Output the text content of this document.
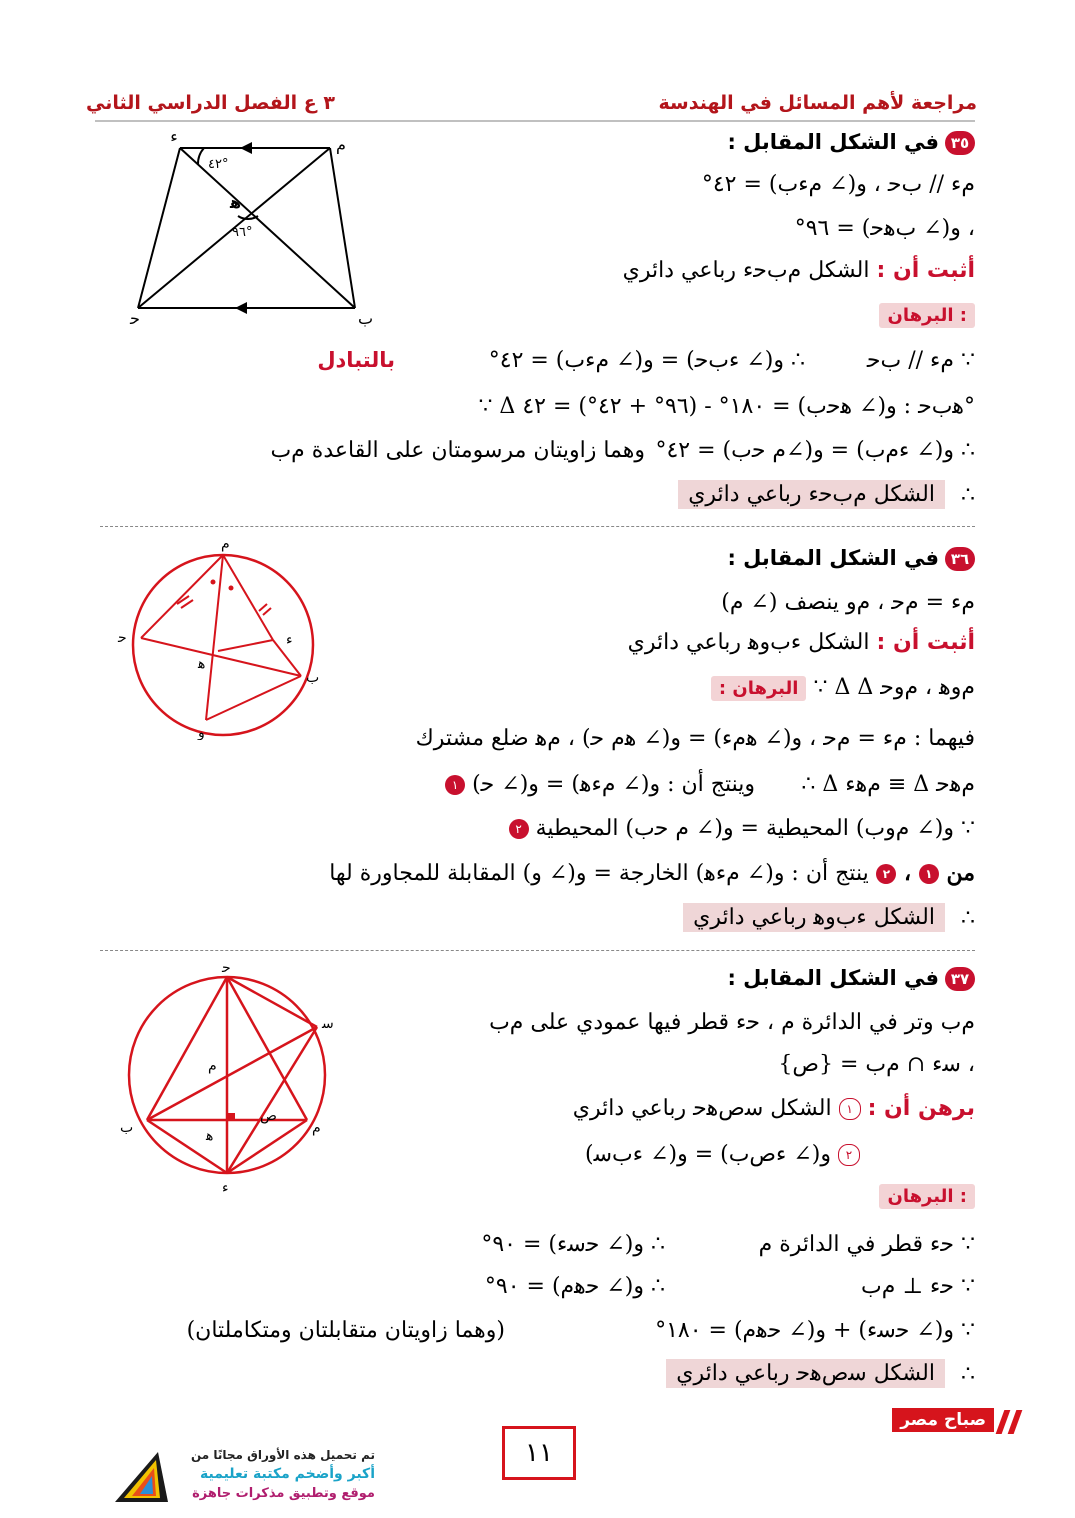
مراجعة لأهم المسائل في الهندسة
٣ ع الفصل الدراسي الثاني
ﺀ	ﻡ
ﺣ	ﺏ
ﻫ
٤٢°
٩٦°
٣٥في الشكل المقابل :
ﻡﺀ // ﺏﺣ ، ﻭ(∠ ﻡﺀﺏ) = ٤٢°
، ﻭ(∠ ﺏﻫﺣ) = ٩٦°
أثبت أن : الشكل ﻡﺏﺣﺀ رباعي دائري
البرهان :
∵ ﻡﺀ // ﺏﺣ
∴ ﻭ(∠ ﺀﺏﺣ) = ﻭ(∠ ﻡﺀﺏ) = ٤٢°
بالتبادل
∵ Δ ﻫﺏﺣ : ﻭ(∠ ﻫﺣﺏ) = ١٨٠° - (٩٦° + ٤٢°) = ٤٢°
∴ ﻭ(∠ ﺀﻡﺏ) = ﻭ(∠ﻡ ﺣﺏ) = ٤٢°
وهما زاويتان مرسومتان على القاعدة ﻡﺏ
∴
الشكل ﻡﺏﺣﺀ رباعي دائري
ﻡ
ﺣ	ﺀ
ﺏ
ﻫ
ﻭ
٣٦في الشكل المقابل :
ﻡﺀ = ﻡﺣ ، ﻡﻭ ينصف (∠ ﻡ)
أثبت أن : الشكل ﺀﺏﻭﻫ رباعي دائري
البرهان : ∵ Δ Δ ﻡﻭﻫ ، ﻡﻭﺣ
فيهما : ﻡﺀ = ﻡﺣ ، ﻭ(∠ ﻫﻡﺀ) = ﻭ(∠ ﻫﻡ ﺣ) ، ﻡﻫ ضلع مشترك
∴ Δ ﻡﻫﺀ ≡ Δ ﻡﻫﺣ
وينتج أن : ﻭ(∠ ﻡﺀﻫ) = ﻭ(∠ ﺣ) ١
∵ ﻭ(∠ ﻡﻭﺏ) المحيطية = ﻭ(∠ ﻡ ﺣﺏ) المحيطية ٢
من ١ ، ٢ ينتج أن : ﻭ(∠ ﻡﺀﻫ) الخارجة = ﻭ(∠ ﻭ) المقابلة للمجاورة لها
∴
الشكل ﺀﺏﻭﻫ رباعي دائري
ﺣ
ﺳ
ﻡ
ﻡ
ﺏ
ﺀ
ﺹ
ﻫ
٣٧في الشكل المقابل :
ﻡﺏ وتر في الدائرة ﻡ ، ﺣﺀ قطر فيها عمودي على ﻡﺏ
، ﺳﺀ ∩ ﻡﺏ = {ﺹ}
برهن أن : ١ الشكل ﺳﺹﻫﺣ رباعي دائري
٢ ﻭ(∠ ﺀﺹﺏ) = ﻭ(∠ ﺀﺏﺳ)
البرهان :
∵ ﺣﺀ قطر في الدائرة ﻡ
∴ ﻭ(∠ ﺣﺳﺀ) = ٩٠°
∵ ﺣﺀ ⊥ ﻡﺏ
∴ ﻭ(∠ ﺣﻫﻡ) = ٩٠°
∵ ﻭ(∠ ﺣﺳﺀ) + ﻭ(∠ ﺣﻫﻡ) = ١٨٠°
(وهما زاويتان متقابلتان ومتكاملتان)
∴
الشكل ﺳﺹﻫﺣ رباعي دائري
صباح مصر
١١
تم تحميل هذه الأوراق مجانًا من
أكبر وأضخم مكتبة تعليمية
موقع وتطبيق مذكرات جاهزة
